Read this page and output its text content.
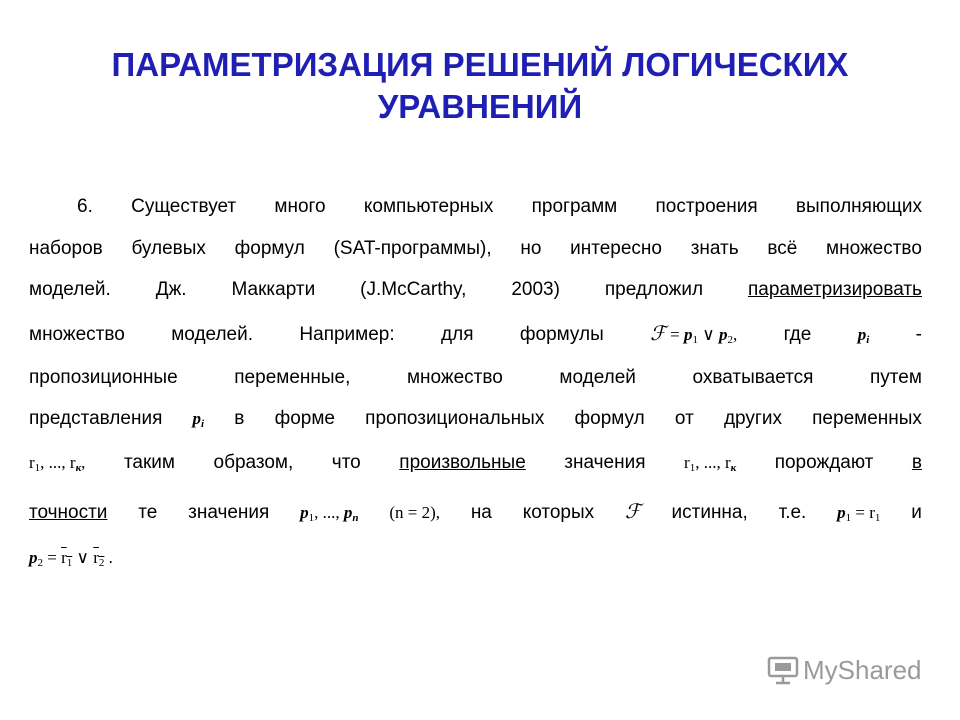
ПАРАМЕТРИЗАЦИЯ РЕШЕНИЙ ЛОГИЧЕСКИХ
УРАВНЕНИЙ
6. Существует много компьютерных программ построения выполняющих
наборов булевых формул (SAT-программы), но интересно знать всё множество
моделей. Дж. Маккарти (J.McCarthy, 2003) предложил параметризировать
множество моделей. Например: для формулы ℱ = $p_1$ ∨ $p_2$, где	$p_i$ -
пропозиционные	переменные,	множество	моделей	охватывается	путем
представления $p_i$ в форме пропозициональных формул от других переменных
$r_1$, ..., $r_к$, таким образом, что произвольные значения $r_1$, ..., $r_к$ порождают в
точности те значения $p_1$, ..., $p_n$ (n = 2), на которых ℱ истинна, т.е. $p_1 = r_1$ и
$p_2 = r_1$ ∨ $r_2$ .
MyShared
